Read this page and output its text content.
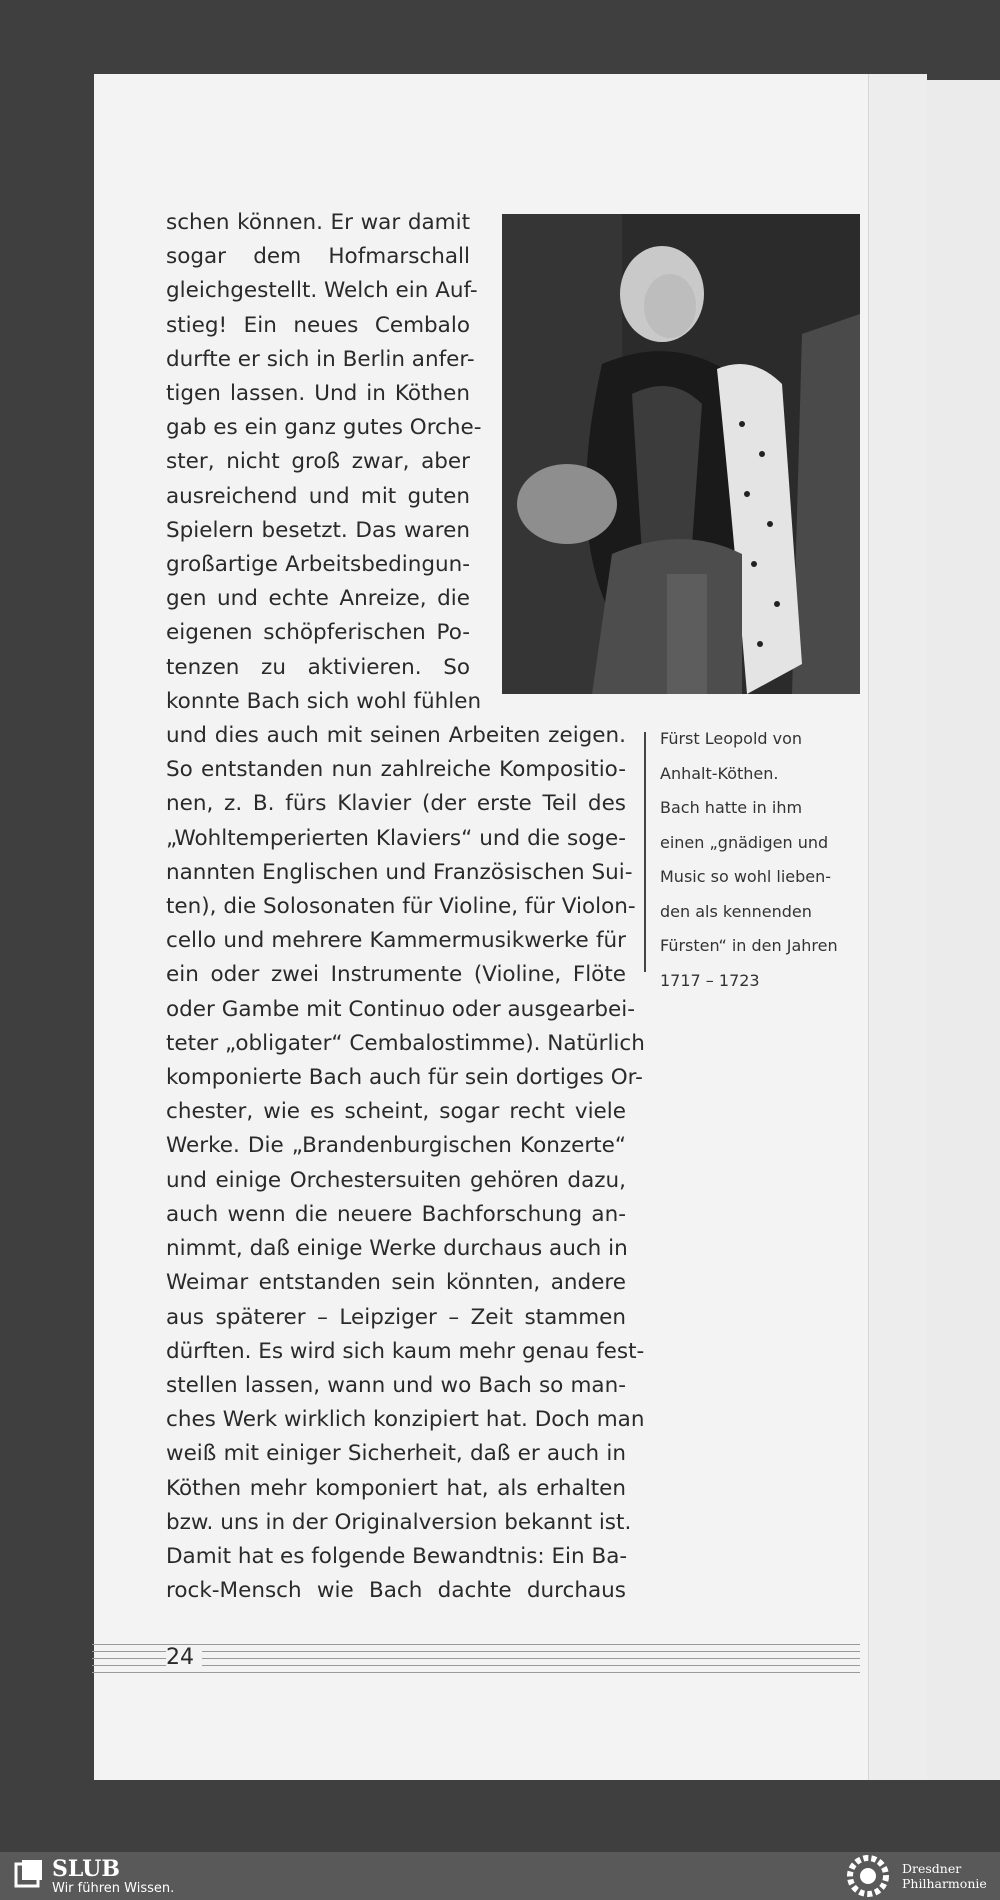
schen können. Er war damit
sogar dem Hofmarschall
gleichgestellt. Welch ein Auf-
stieg! Ein neues Cembalo
durfte er sich in Berlin anfer-
tigen lassen. Und in Köthen
gab es ein ganz gutes Orche-
ster, nicht groß zwar, aber
ausreichend und mit guten
Spielern besetzt. Das waren
großartige Arbeitsbedingun-
gen und echte Anreize, die
eigenen schöpferischen Po-
tenzen zu aktivieren. So
konnte Bach sich wohl fühlen
und dies auch mit seinen Arbeiten zeigen.
So entstanden nun zahlreiche Kompositio-
nen, z. B. fürs Klavier (der erste Teil des
„Wohltemperierten Klaviers“ und die soge-
nannten Englischen und Französischen Sui-
ten), die Solosonaten für Violine, für Violon-
cello und mehrere Kammermusikwerke für
ein oder zwei Instrumente (Violine, Flöte
oder Gambe mit Continuo oder ausgearbei-
teter „obligater“ Cembalostimme). Natürlich
komponierte Bach auch für sein dortiges Or-
chester, wie es scheint, sogar recht viele
Werke. Die „Brandenburgischen Konzerte“
und einige Orchestersuiten gehören dazu,
auch wenn die neuere Bachforschung an-
nimmt, daß einige Werke durchaus auch in
Weimar entstanden sein könnten, andere
aus späterer – Leipziger – Zeit stammen
dürften. Es wird sich kaum mehr genau fest-
stellen lassen, wann und wo Bach so man-
ches Werk wirklich konzipiert hat. Doch man
weiß mit einiger Sicherheit, daß er auch in
Köthen mehr komponiert hat, als erhalten
bzw. uns in der Originalversion bekannt ist.
Damit hat es folgende Bewandtnis: Ein Ba-
rock-Mensch wie Bach dachte durchaus
Fürst Leopold von
Anhalt-Köthen.
Bach hatte in ihm
einen „gnädigen und
Music so wohl lieben-
den als kennenden
Fürsten“ in den Jahren
1717 – 1723
24
SLUB
Wir führen Wissen.
Dresdner
Philharmonie
